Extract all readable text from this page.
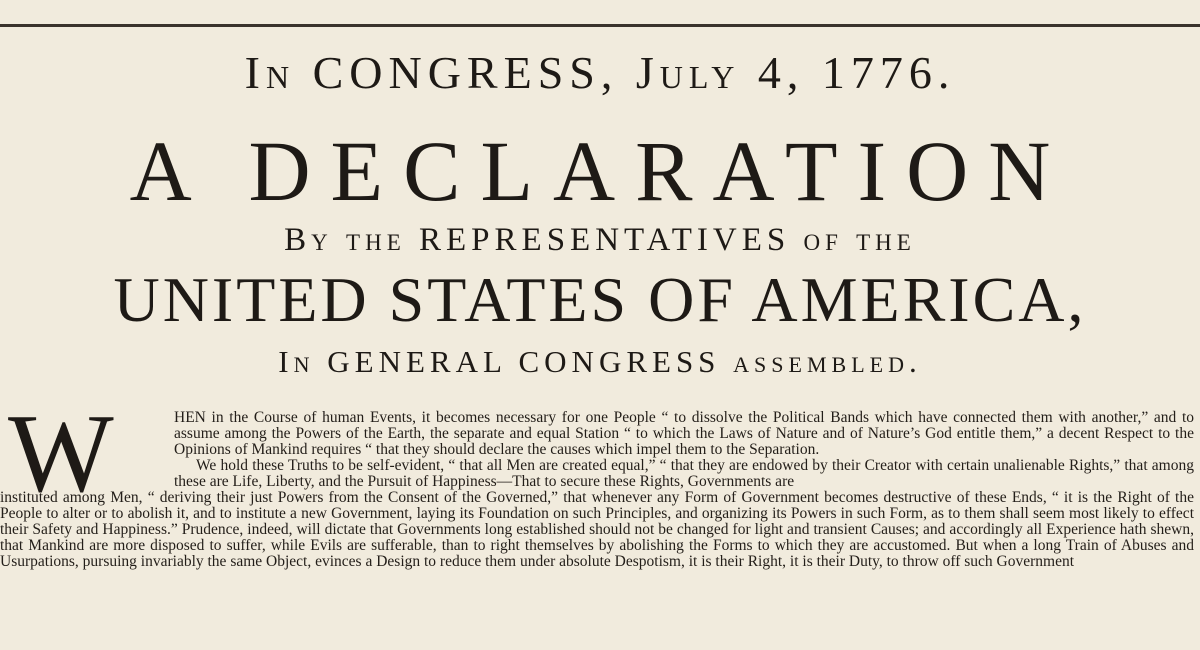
In CONGRESS, July 4, 1776.
A DECLARATION
By the REPRESENTATIVES of the
UNITED STATES OF AMERICA,
In GENERAL CONGRESS assembled.
W	HEN in the Course of human Events, it becomes necessary for one People “ to dissolve the Political Bands which have connected them with another,” and to assume among the Powers of the Earth, the separate and equal Station “ to which the Laws of Nature and of Nature’s God entitle them,” a decent Respect to the Opinions of Mankind requires “ that they should declare the causes which impel them to the Separation.

We hold these Truths to be self-evident, “ that all Men are created equal,” “ that they are endowed by their Creator with certain unalienable Rights,” that among these are Life, Liberty, and the Pursuit of Happiness—That to secure these Rights, Governments are

instituted among Men, “ deriving their just Powers from the Consent of the Governed,” that whenever any Form of Government becomes destructive of these Ends, “ it is the Right of the People to alter or to abolish it, and to institute a new Government, laying its Foundation on such Principles, and organizing its Powers in such Form, as to them shall seem most likely to effect their Safety and Happiness.” Prudence, indeed, will dictate that Governments long established should not be changed for light and transient Causes; and accordingly all Experience hath shewn, that Mankind are more disposed to suffer, while Evils are sufferable, than to right themselves by abolishing the Forms to which they are accustomed. But when a long Train of Abuses and Usurpations, pursuing invariably the same Object, evinces a Design to reduce them under absolute Despotism, it is their Right, it is their Duty, to throw off such Government
